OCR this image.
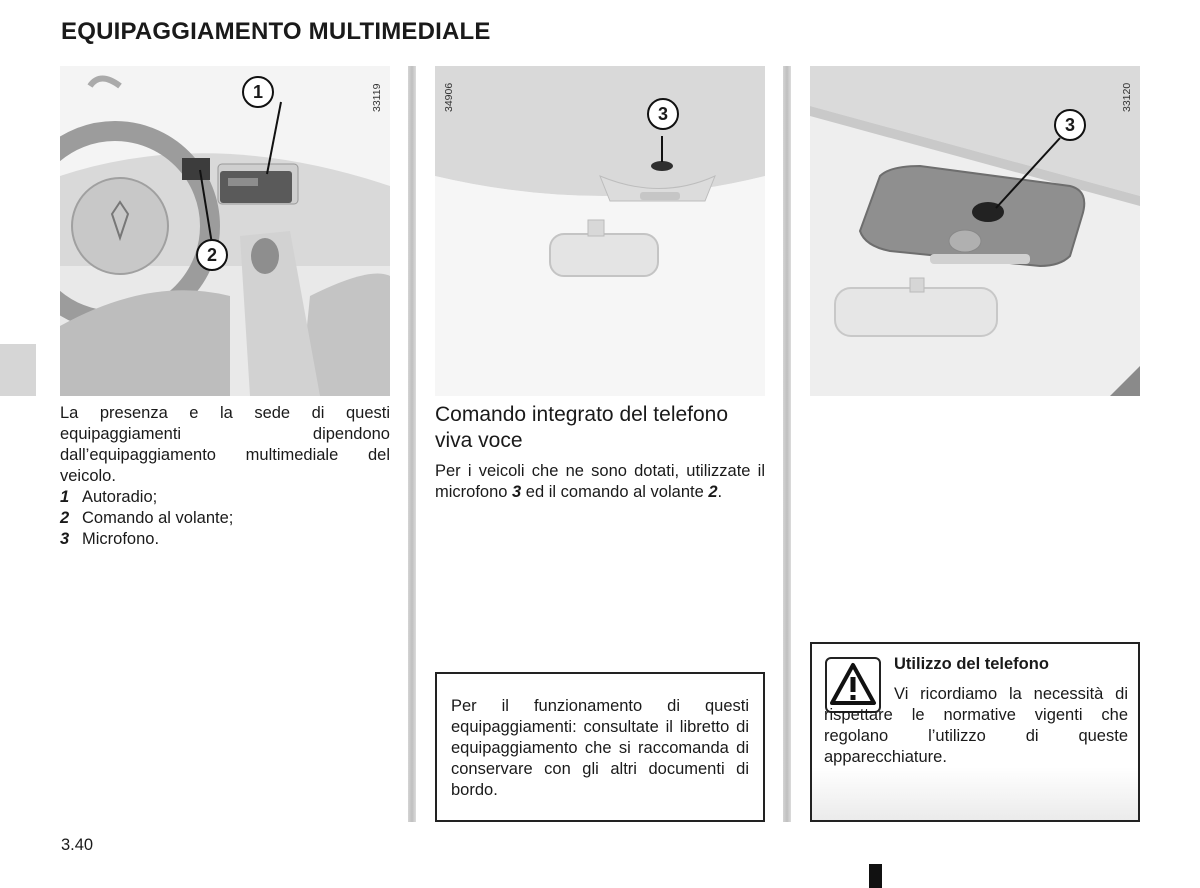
EQUIPAGGIAMENTO MULTIMEDIALE
1
2
33119
3
34906
3
33120

La presenza e la sede di questi equipaggiamenti dipendono dall’equipaggiamento multimediale del veicolo.

1 Autoradio;
2 Comando al volante;
3 Microfono.
Comando integrato del telefono viva voce
Per i veicoli che ne sono dotati, utilizzate il microfono 3 ed il comando al volante 2.
Per il funzionamento di questi equipaggiamenti: consultate il libretto di equipaggiamento che si raccomanda di conservare con gli altri documenti di bordo.
Utilizzo del telefono
Vi ricordiamo la necessità di rispettare le normative vigenti che regolano l’utilizzo di queste apparecchiature.
3.40
